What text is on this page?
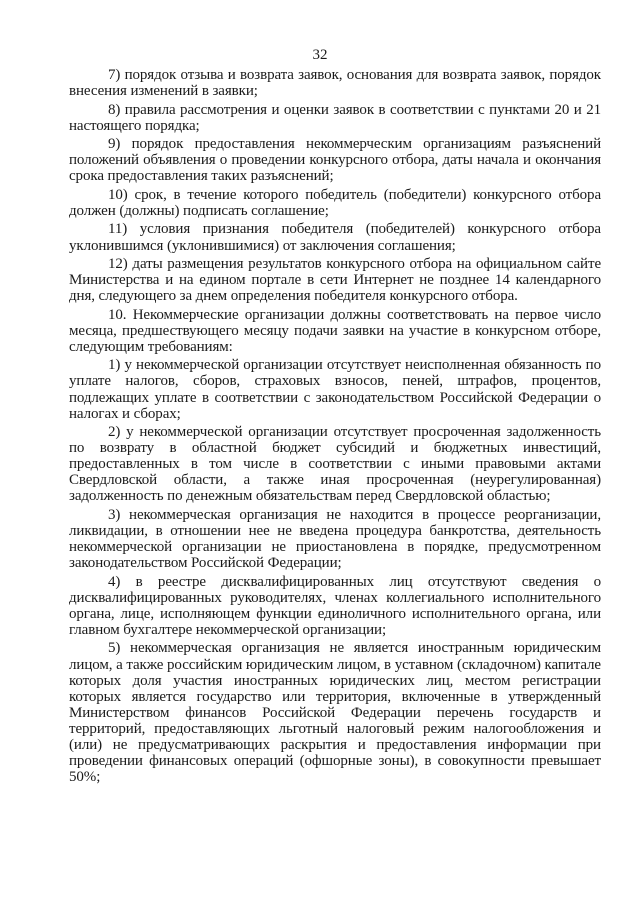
32

7) порядок отзыва и возврата заявок, основания для возврата заявок, порядок внесения изменений в заявки;

8) правила рассмотрения и оценки заявок в соответствии с пунктами 20 и 21 настоящего порядка;

9) порядок предоставления некоммерческим организациям разъяснений положений объявления о проведении конкурсного отбора, даты начала и окончания срока предоставления таких разъяснений;

10) срок, в течение которого победитель (победители) конкурсного отбора должен (должны) подписать соглашение;

11) условия признания победителя (победителей) конкурсного отбора уклонившимся (уклонившимися) от заключения соглашения;

12) даты размещения результатов конкурсного отбора на официальном сайте Министерства и на едином портале в сети Интернет не позднее 14 календарного дня, следующего за днем определения победителя конкурсного отбора.

10. Некоммерческие организации должны соответствовать на первое число месяца, предшествующего месяцу подачи заявки на участие в конкурсном отборе, следующим требованиям:

1) у некоммерческой организации отсутствует неисполненная обязанность по уплате налогов, сборов, страховых взносов, пеней, штрафов, процентов, подлежащих уплате в соответствии с законодательством Российской Федерации о налогах и сборах;

2) у некоммерческой организации отсутствует просроченная задолженность по возврату в областной бюджет субсидий и бюджетных инвестиций, предоставленных в том числе в соответствии с иными правовыми актами Свердловской области, а также иная просроченная (неурегулированная) задолженность по денежным обязательствам перед Свердловской областью;

3) некоммерческая организация не находится в процессе реорганизации, ликвидации, в отношении нее не введена процедура банкротства, деятельность некоммерческой организации не приостановлена в порядке, предусмотренном законодательством Российской Федерации;

4) в реестре дисквалифицированных лиц отсутствуют сведения о дисквалифицированных руководителях, членах коллегиального исполнительного органа, лице, исполняющем функции единоличного исполнительного органа, или главном бухгалтере некоммерческой организации;

5) некоммерческая организация не является иностранным юридическим лицом, а также российским юридическим лицом, в уставном (складочном) капитале которых доля участия иностранных юридических лиц, местом регистрации которых является государство или территория, включенные в утвержденный Министерством финансов Российской Федерации перечень государств и территорий, предоставляющих льготный налоговый режим налогообложения и (или) не предусматривающих раскрытия и предоставления информации при проведении финансовых операций (офшорные зоны), в совокупности превышает 50%;
